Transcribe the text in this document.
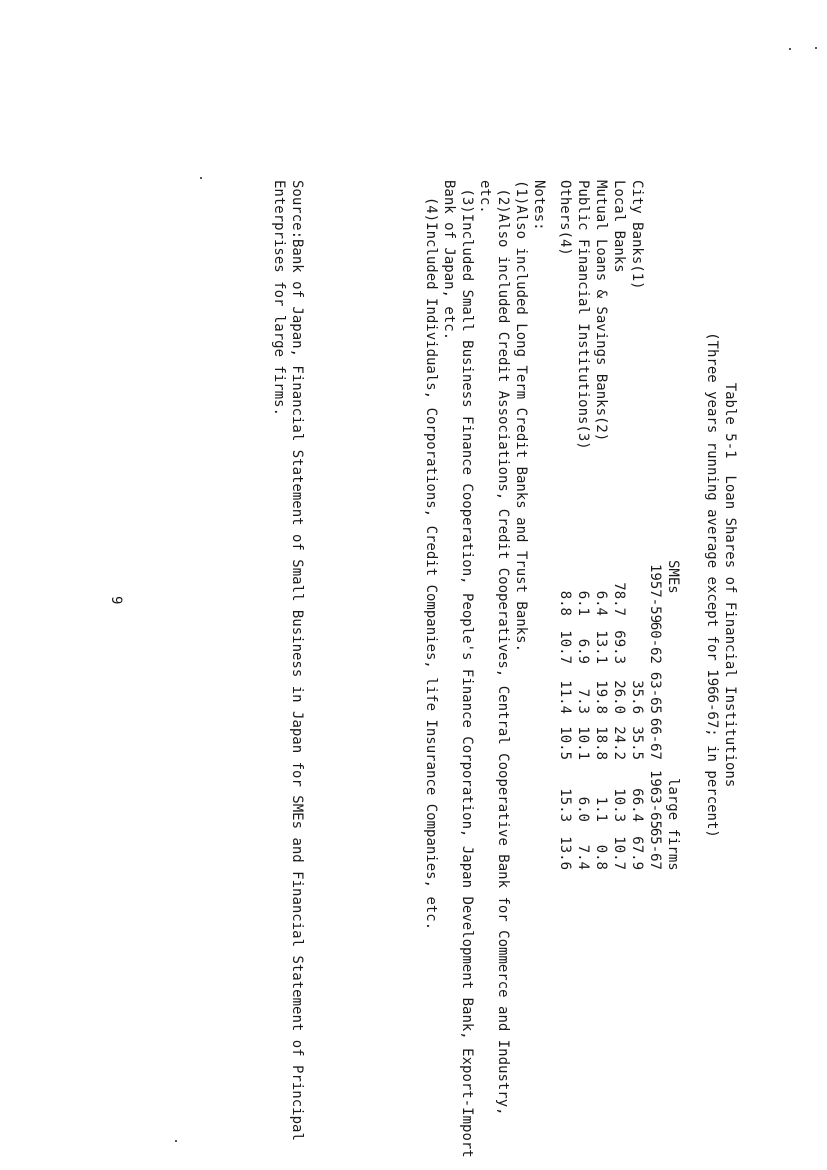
Table 5-1  Loan Shares of Financial Institutions
(Three years running average except for 1966-67; in percent)
SMEs
large firms
1957-59
60-62
63-65
66-67
1963-65
65-67
City Banks(1)
35.6
35.5
66.4
67.9
Local Banks
78.7
69.3
26.0
24.2
10.3
10.7
Mutual Loans & Savings Banks(2)
6.4
13.1
19.8
18.8
1.1
0.8
Public Financial Institutions(3)
6.1
6.9
7.3
10.1
6.0
7.4
Others(4)
8.8
10.7
11.4
10.5
15.3
13.6
Notes:
(1)Also included Long Term Credit Banks and Trust Banks.
(2)Also included Credit Associations, Credit Cooperatives, Central Cooperative Bank for Commerce and Industry,
etc.
(3)Included Small Business Finance Cooperation, People's Finance Corporation, Japan Development Bank, Export-Import
Bank of Japan, etc.
(4)Included Individuals, Corporations, Credit Companies, life Insurance Companies, etc.
Source:Bank of Japan, Financial Statement of Small Business in Japan for SMEs and Financial Statement of Principal
Enterprises for large firms.
9
